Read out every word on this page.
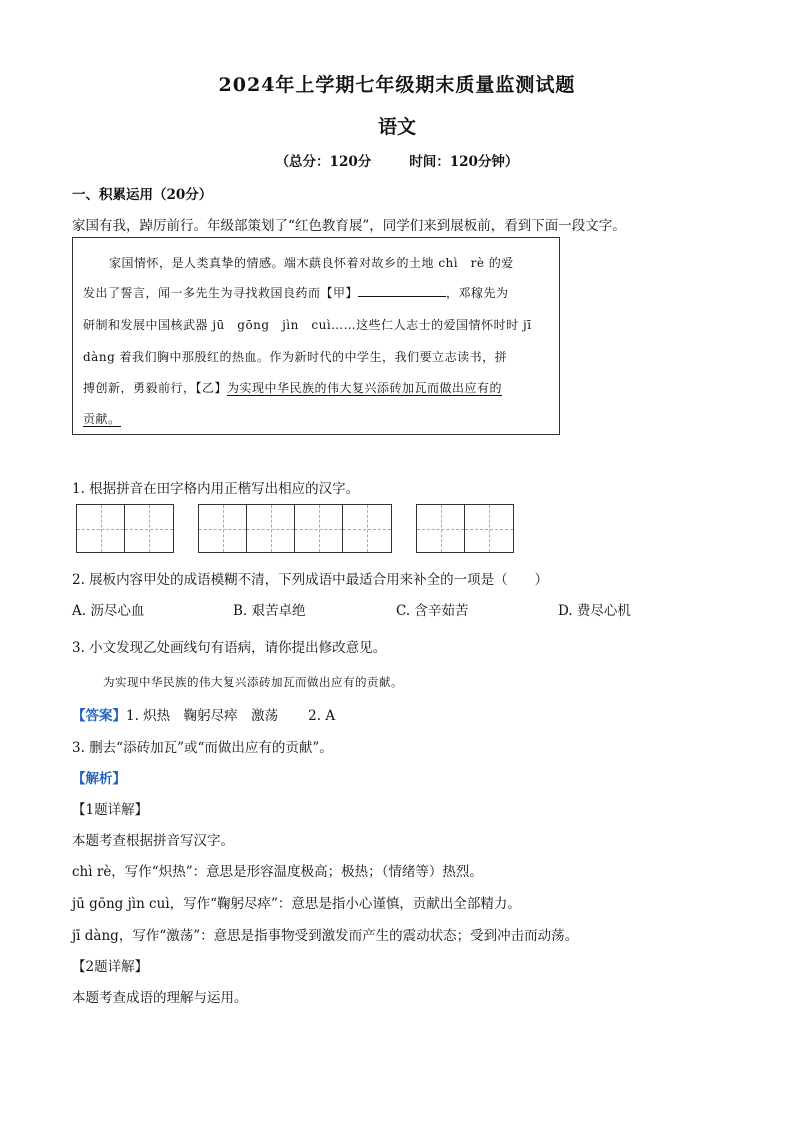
2024年上学期七年级期末质量监测试题
语文
（总分：120分	时间：120分钟）
一、积累运用（20分）
家国有我，踔厉前行。年级部策划了“红色教育展”，同学们来到展板前，看到下面一段文字。
家国情怀，是人类真挚的情感。端木蕻良怀着对故乡的土地 chì　rè 的爱
发出了誓言，闻一多先生为寻找救国良药而【甲】	，邓稼先为
研制和发展中国核武器 jū　gōng　jìn　cuì……这些仁人志士的爱国情怀时时 jī
dàng 着我们胸中那殷红的热血。作为新时代的中学生，我们要立志读书，拼
搏创新，勇毅前行，【乙】为实现中华民族的伟大复兴添砖加瓦而做出应有的
贡献。
1. 根据拼音在田字格内用正楷写出相应的汉字。
2. 展板内容甲处的成语模糊不清，下列成语中最适合用来补全的一项是（　　）
A. 沥尽心血	B. 艰苦卓绝	C. 含辛茹苦	D. 费尽心机
3. 小文发现乙处画线句有语病，请你提出修改意见。
为实现中华民族的伟大复兴添砖加瓦而做出应有的贡献。
【答案】1. 炽热　鞠躬尽瘁　激荡 2. A
3. 删去“添砖加瓦”或“而做出应有的贡献”。
【解析】
【1题详解】
本题考查根据拼音写汉字。
chì rè，写作“炽热”：意思是形容温度极高；极热；（情绪等）热烈。
jū gōng jìn cuì，写作“鞠躬尽瘁”：意思是指小心谨慎，贡献出全部精力。
jī dàng，写作“激荡”：意思是指事物受到激发而产生的震动状态；受到冲击而动荡。
【2题详解】
本题考查成语的理解与运用。
